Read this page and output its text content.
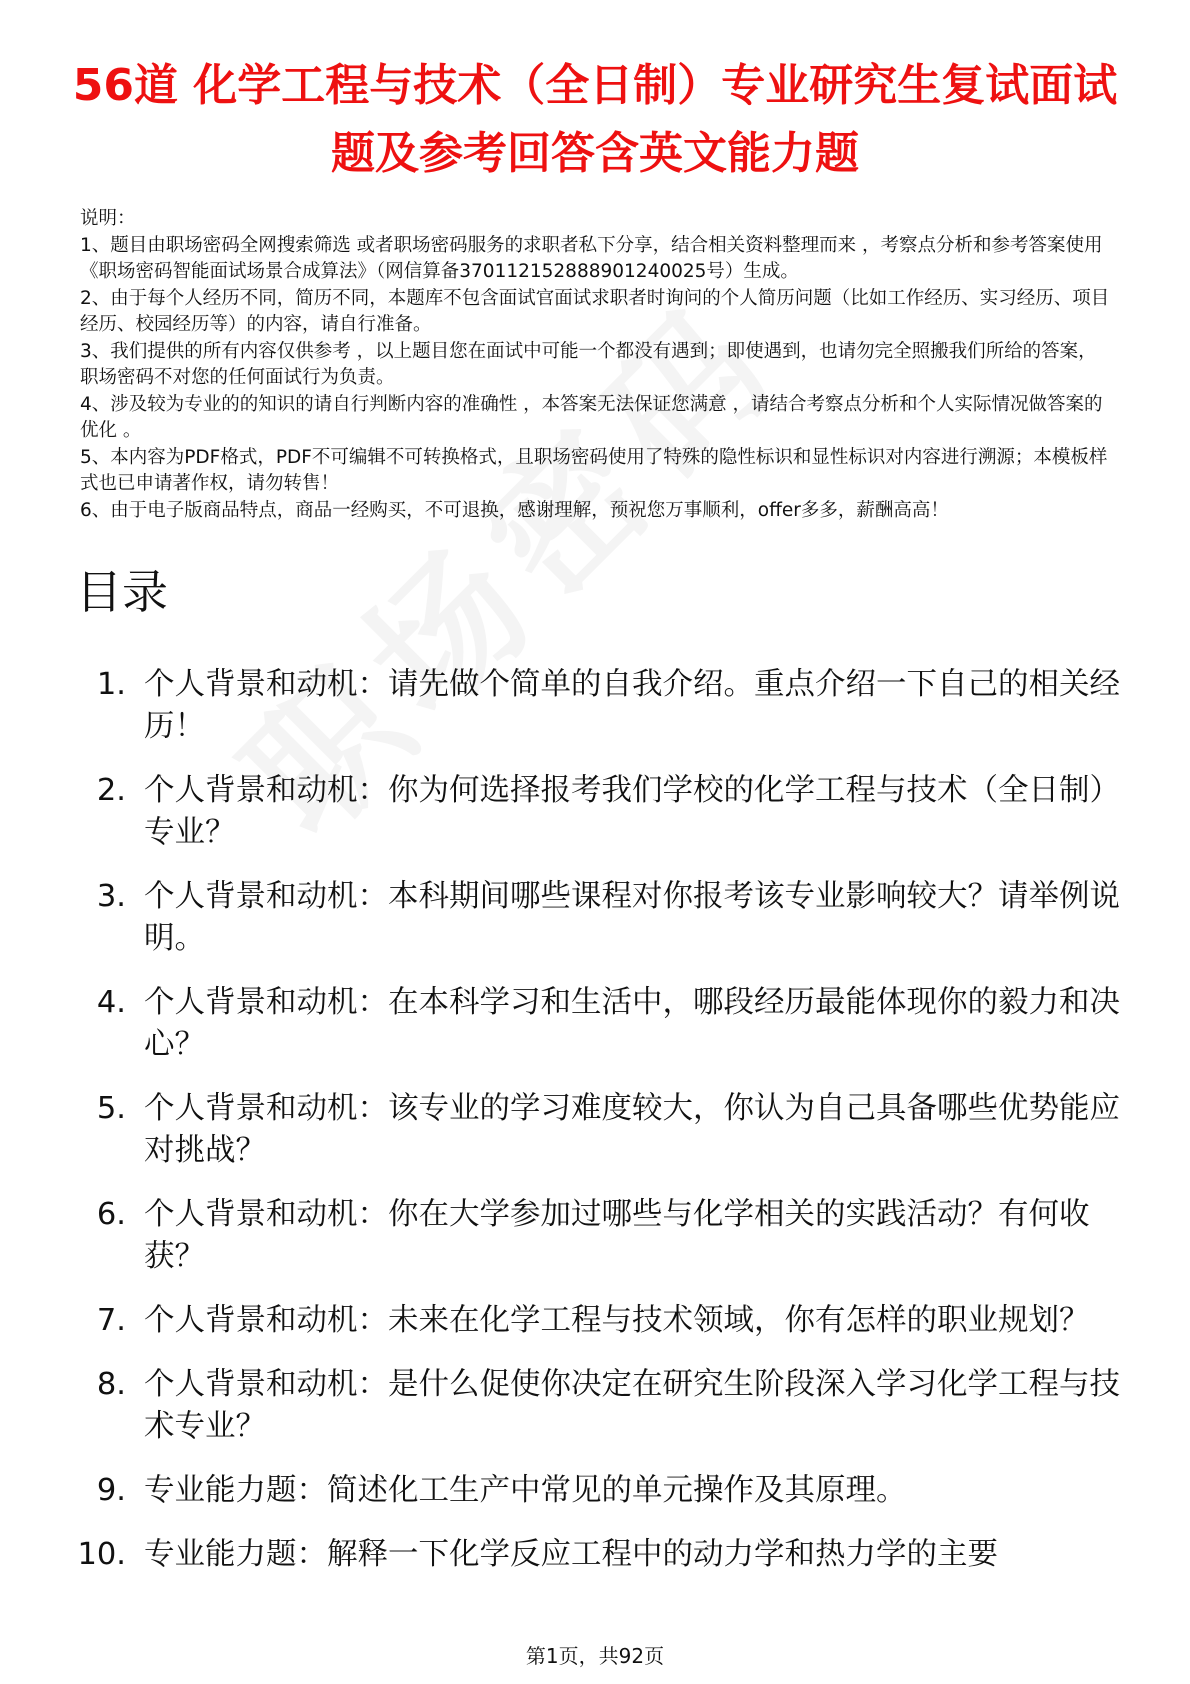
56道 化学工程与技术（全日制）专业研究生复试面试题及参考回答含英文能力题
说明：
1、题目由职场密码全网搜索筛选 或者职场密码服务的求职者私下分享，结合相关资料整理而来 ，考察点分析和参考答案使用《职场密码智能面试场景合成算法》（网信算备370112152888901240025号）生成。
2、由于每个人经历不同，简历不同，本题库不包含面试官面试求职者时询问的个人简历问题（比如工作经历、实习经历、项目经历、校园经历等）的内容，请自行准备。
3、我们提供的所有内容仅供参考 ，以上题目您在面试中可能一个都没有遇到；即使遇到，也请勿完全照搬我们所给的答案，职场密码不对您的任何面试行为负责。
4、涉及较为专业的的知识的请自行判断内容的准确性 ，本答案无法保证您满意 ，请结合考察点分析和个人实际情况做答案的优化 。
5、本内容为PDF格式，PDF不可编辑不可转换格式，且职场密码使用了特殊的隐性标识和显性标识对内容进行溯源；本模板样式也已申请著作权，请勿转售！
6、由于电子版商品特点，商品一经购买，不可退换，感谢理解，预祝您万事顺利，offer多多，薪酬高高！
目录
1. 个人背景和动机：请先做个简单的自我介绍。重点介绍一下自己的相关经历！
2. 个人背景和动机：你为何选择报考我们学校的化学工程与技术（全日制）专业？
3. 个人背景和动机：本科期间哪些课程对你报考该专业影响较大？请举例说明。
4. 个人背景和动机：在本科学习和生活中，哪段经历最能体现你的毅力和决心？
5. 个人背景和动机：该专业的学习难度较大，你认为自己具备哪些优势能应对挑战？
6. 个人背景和动机：你在大学参加过哪些与化学相关的实践活动？有何收获？
7. 个人背景和动机：未来在化学工程与技术领域，你有怎样的职业规划？
8. 个人背景和动机：是什么促使你决定在研究生阶段深入学习化学工程与技术专业？
9. 专业能力题：简述化工生产中常见的单元操作及其原理。
10. 专业能力题：解释一下化学反应工程中的动力学和热力学的主要
第1页，共92页
